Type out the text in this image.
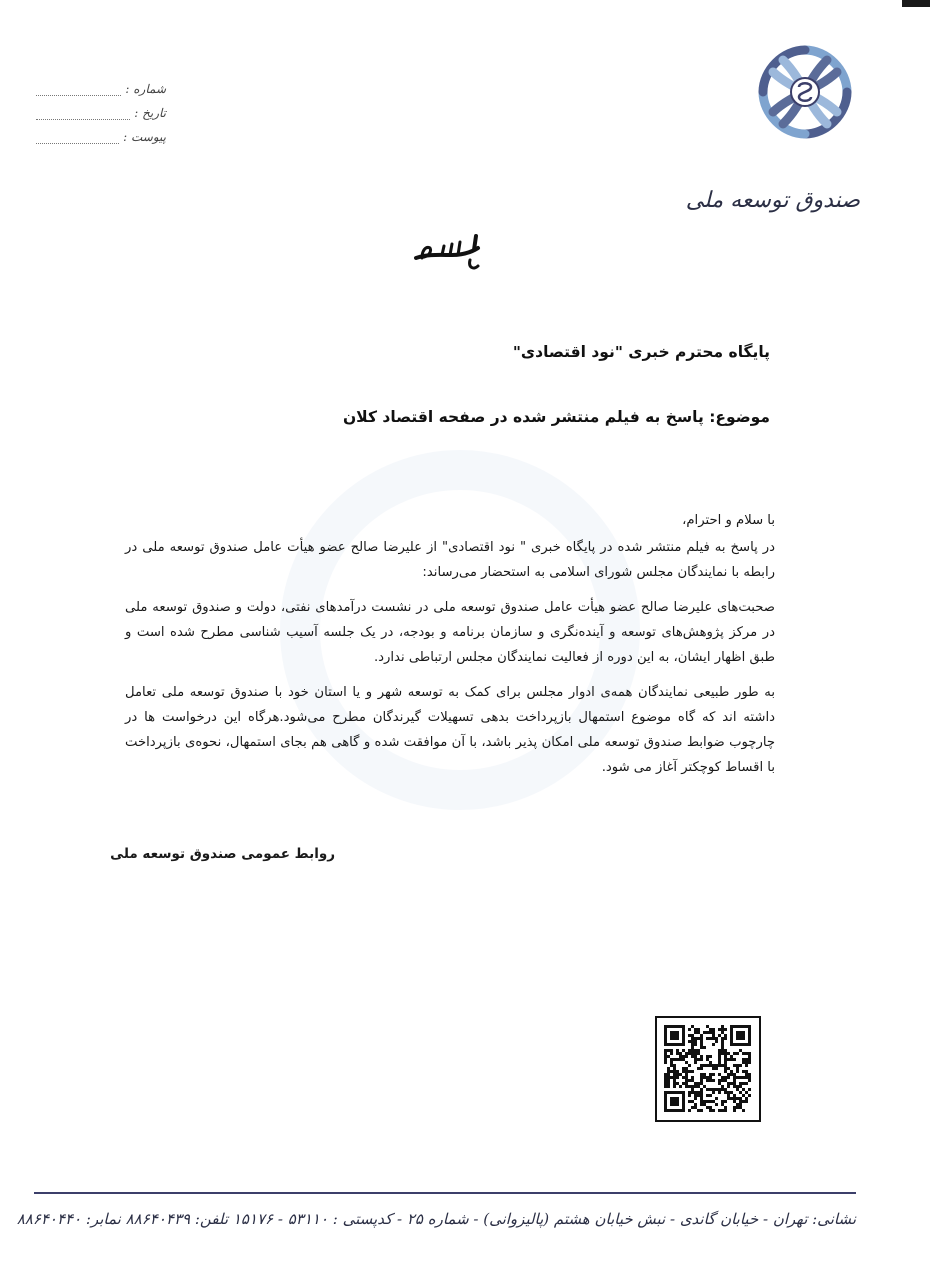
صندوق توسعه ملی
شماره :
تاریخ :
پیوست :
پایگاه محترم خبری "نود اقتصادی"
موضوع: پاسخ به فیلم منتشر شده در صفحه اقتصاد کلان

با سلام و احترام،

در پاسخ به فیلم منتشر شده در پایگاه خبری " نود اقتصادی" از علیرضا صالح عضو هیأت عامل صندوق توسعه ملی در رابطه با نمایندگان مجلس شورای اسلامی به استحضار می‌رساند:

صحبت‌های علیرضا صالح عضو هیأت عامل صندوق توسعه ملی در نشست درآمدهای نفتی، دولت و صندوق توسعه ملی در مرکز پژوهش‌های توسعه و آینده‌نگری و سازمان برنامه و بودجه، در یک جلسه آسیب شناسی مطرح شده است و طبق اظهار ایشان، به این دوره از فعالیت نمایندگان مجلس ارتباطی ندارد.

به طور طبیعی نمایندگان همه‌ی ادوار مجلس برای کمک به توسعه شهر و یا استان خود با صندوق توسعه ملی تعامل داشته اند که گاه موضوع استمهال بازپرداخت بدهی تسهیلات گیرندگان مطرح می‌شود.هرگاه این درخواست ها در چارچوب ضوابط صندوق توسعه ملی امکان پذیر باشد، با آن موافقت شده و گاهی هم بجای استمهال، نحوه‌ی بازپرداخت با اقساط کوچکتر آغاز می شود.

روابط عمومی صندوق توسعه ملی
نشانی: تهران - خیابان گاندی - نبش خیابان هشتم (پالیزوانی) - شماره ۲۵ - کدپستی : ۵۳۱۱۰ - ۱۵۱۷۶ تلفن: ۸۸۶۴۰۴۳۹ نمابر: ۸۸۶۴۰۴۴۰
